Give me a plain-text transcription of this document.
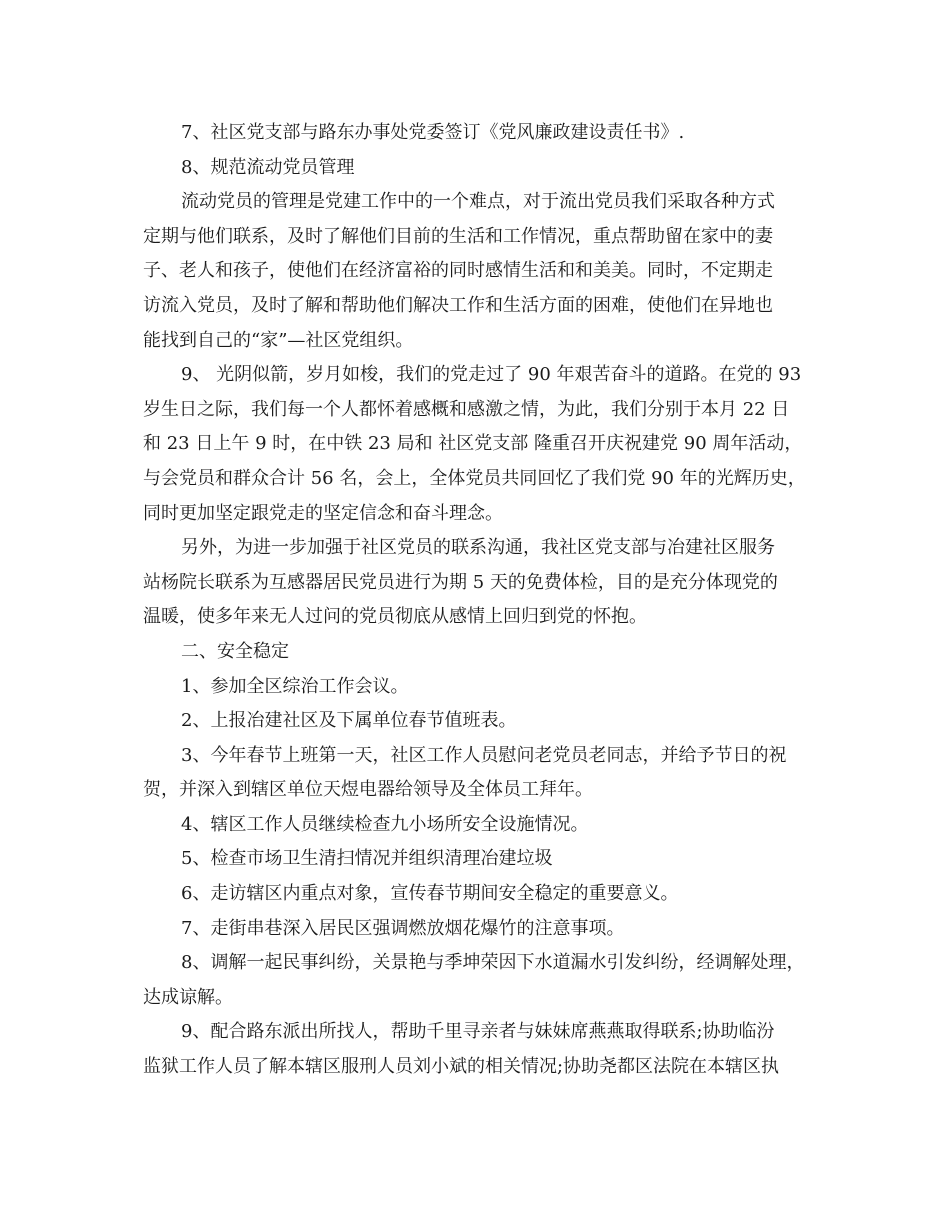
7、社区党支部与路东办事处党委签订《党风廉政建设责任书》.
8、规范流动党员管理
流动党员的管理是党建工作中的一个难点，对于流出党员我们采取各种方式
定期与他们联系，及时了解他们目前的生活和工作情况，重点帮助留在家中的妻
子、老人和孩子，使他们在经济富裕的同时感情生活和和美美。同时，不定期走
访流入党员，及时了解和帮助他们解决工作和生活方面的困难，使他们在异地也
能找到自己的“家”—社区党组织。
9、 光阴似箭，岁月如梭，我们的党走过了 90 年艰苦奋斗的道路。在党的 93
岁生日之际，我们每一个人都怀着感概和感激之情，为此，我们分别于本月 22 日
和 23 日上午 9 时，在中铁 23 局和 社区党支部 隆重召开庆祝建党 90 周年活动，
与会党员和群众合计 56 名，会上，全体党员共同回忆了我们党 90 年的光辉历史，
同时更加坚定跟党走的坚定信念和奋斗理念。
另外，为进一步加强于社区党员的联系沟通，我社区党支部与冶建社区服务
站杨院长联系为互感器居民党员进行为期 5 天的免费体检，目的是充分体现党的
温暖，使多年来无人过问的党员彻底从感情上回归到党的怀抱。
二、安全稳定
1、参加全区综治工作会议。
2、上报冶建社区及下属单位春节值班表。
3、今年春节上班第一天，社区工作人员慰问老党员老同志，并给予节日的祝
贺，并深入到辖区单位天煜电器给领导及全体员工拜年。
4、辖区工作人员继续检查九小场所安全设施情况。
5、检查市场卫生清扫情况并组织清理冶建垃圾
6、走访辖区内重点对象，宣传春节期间安全稳定的重要意义。
7、走街串巷深入居民区强调燃放烟花爆竹的注意事项。
8、调解一起民事纠纷，关景艳与季坤荣因下水道漏水引发纠纷，经调解处理，
达成谅解。
9、配合路东派出所找人，帮助千里寻亲者与妹妹席燕燕取得联系;协助临汾
监狱工作人员了解本辖区服刑人员刘小斌的相关情况;协助尧都区法院在本辖区执
